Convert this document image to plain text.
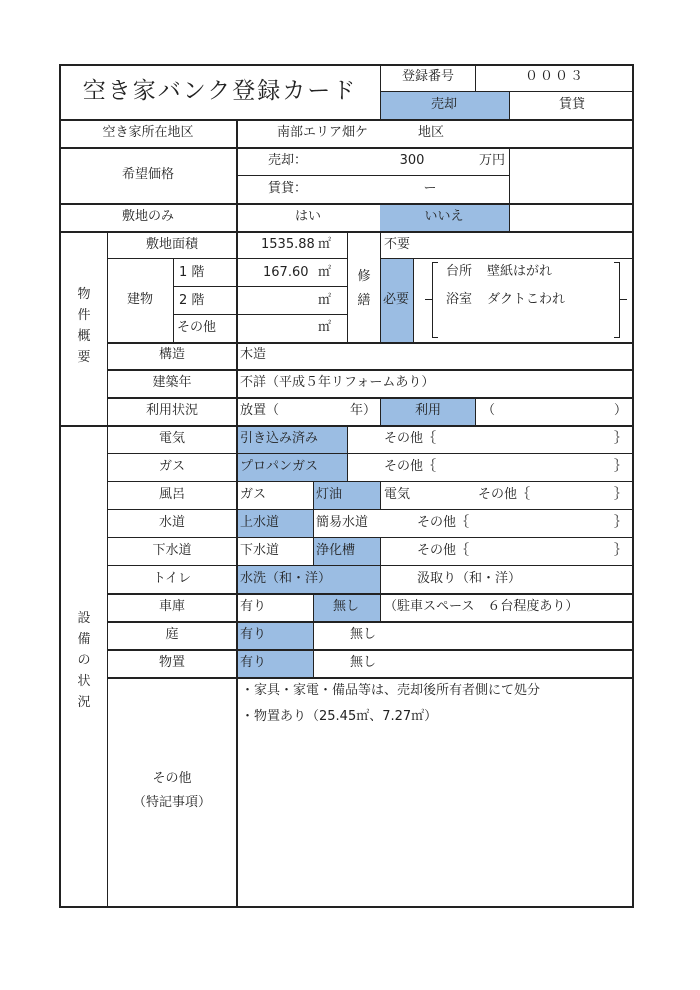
空き家バンク登録カード
登録番号	０００３
売却	賃貸
空き家所在地区	南部エリア畑ケ	地区
希望価格
売却：	300	万円
賃貸：	ー
敷地のみ	はい	いいえ
物
件
概
要
敷地面積	1535.88 ㎡
建物
1 階	167.60 ㎡
2 階	㎡
その他	㎡
修
繕
不要
必要
台所 壁紙はがれ
浴室 ダクトこわれ
構造	木造
建築年	不詳（平成５年リフォームあり）
利用状況	放置（	年）	利用	（	）
設
備
の
状
況
電気	引き込み済み	その他｛	｝
ガス	プロパンガス	その他｛	｝
風呂	ガス	灯油	電気	その他｛	｝
水道	上水道	簡易水道	その他｛	｝
下水道	下水道	浄化槽	その他｛	｝
トイレ	水洗（和・洋）	汲取り（和・洋）
車庫	有り	無し （駐車スペース　６台程度あり）
庭	有り	無し
物置	有り	無し
その他
（特記事項）
・家具・家電・備品等は、売却後所有者側にて処分
・物置あり（25.45㎡、7.27㎡）
